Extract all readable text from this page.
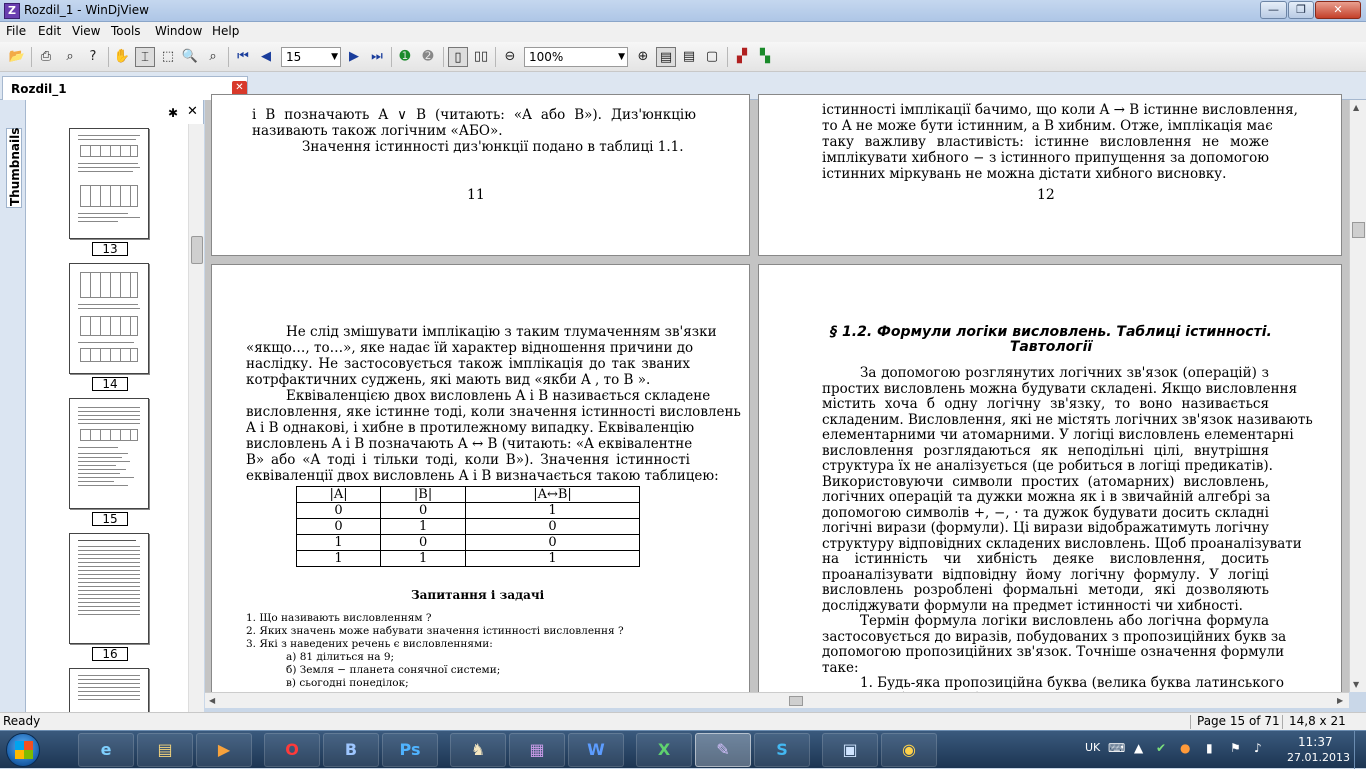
Z Rozdil_1 - WinDjView	—	❐	✕
File Edit View Tools Window Help
📂	⎙	⌕	?	✋ ⌶ ⬚ 🔍 ⌕	⏮ ◀	15	▼ ▶ ⏭	➊ ➋	▯ ▯▯	⊖	100%	▼ ⊕ ▤ ▤ ▢	▞	▚
Rozdil_1	✕
Thumbnails
✱ ✕
13
14
15
16
і B позначають A ∨ B (читають: «A або B»). Диз'юнкцію
називають також логічним «АБО».
Значення істинності диз'юнкції подано в таблиці 1.1.
11
істинності імплікації бачимо, що коли A → B істинне висловлення,
то A не може бути істинним, а B хибним. Отже, імплікація має
таку важливу властивість: істинне висловлення не може
імплікувати хибного − з істинного припущення за допомогою
істинних міркувань не можна дістати хибного висновку.
12
Не слід змішувати імплікацію з таким тлумаченням зв'язки
«якщо…, то…», яке надає їй характер відношення причини до
наслідку. Не застосовується також імплікація до так званих
котрфактичних суджень, які мають вид «якби A , то B ».
Еквіваленцією двох висловлень A і B називається складене
висловлення, яке істинне тоді, коли значення істинності висловлень
A і B однакові, і хибне в протилежному випадку. Еквіваленцію
висловлень A і B позначають A ↔ B (читають: «A еквівалентне
B» або «A тоді і тільки тоді, коли B»). Значення істинності
еквіваленції двох висловлень A і B визначається такою таблицею:
|A|	|B|	|A↔B|
0	0	1
0	1	0
1	0	0
1	1	1
Запитання і задачі
1. Що називають висловленням ?
2. Яких значень може набувати значення істинності висловлення ?
3. Які з наведених речень є висловленнями:
а) 81 ділиться на 9;
б) Земля − планета сонячної системи;
в) сьогодні понеділок;
§ 1.2. Формули логіки висловлень. Таблиці істинності.
Тавтології
За допомогою розглянутих логічних зв'язок (операцій) з
простих висловлень можна будувати складені. Якщо висловлення
містить хоча б одну логічну зв'язку, то воно називається
складеним. Висловлення, які не містять логічних зв'язок називають
елементарними чи атомарними. У логіці висловлень елементарні
висловлення розглядаються як неподільні цілі, внутрішня
структура їх не аналізується (це робиться в логіці предикатів).
Використовуючи символи простих (атомарних) висловлень,
логічних операцій та дужки можна як і в звичайній алгебрі за
допомогою символів +, −, · та дужок будувати досить складні
логічні вирази (формули). Ці вирази відображатимуть логічну
структуру відповідних складених висловлень. Щоб проаналізувати
на істинність чи хибність деяке висловлення, досить
проаналізувати відповідну йому логічну формулу. У логіці
висловлень розроблені формальні методи, які дозволяють
досліджувати формули на предмет істинності чи хибності.
Термін формула логіки висловлень або логічна формула
застосовується до виразів, побудованих з пропозиційних букв за
допомогою пропозиційних зв'язок. Точніше означення формули
таке:
1. Будь-яка пропозиційна буква (велика буква латинського
▲
▼
◀	▶
Ready	Page 15 of 71 14,8 x 21
e	▤	▶	O	B	Ps	♞	▦	W	X	✎	S	▣	◉	UK ⌨ ▲ ✔ ● ▮ ⚑ ♪	11:37
27.01.2013
